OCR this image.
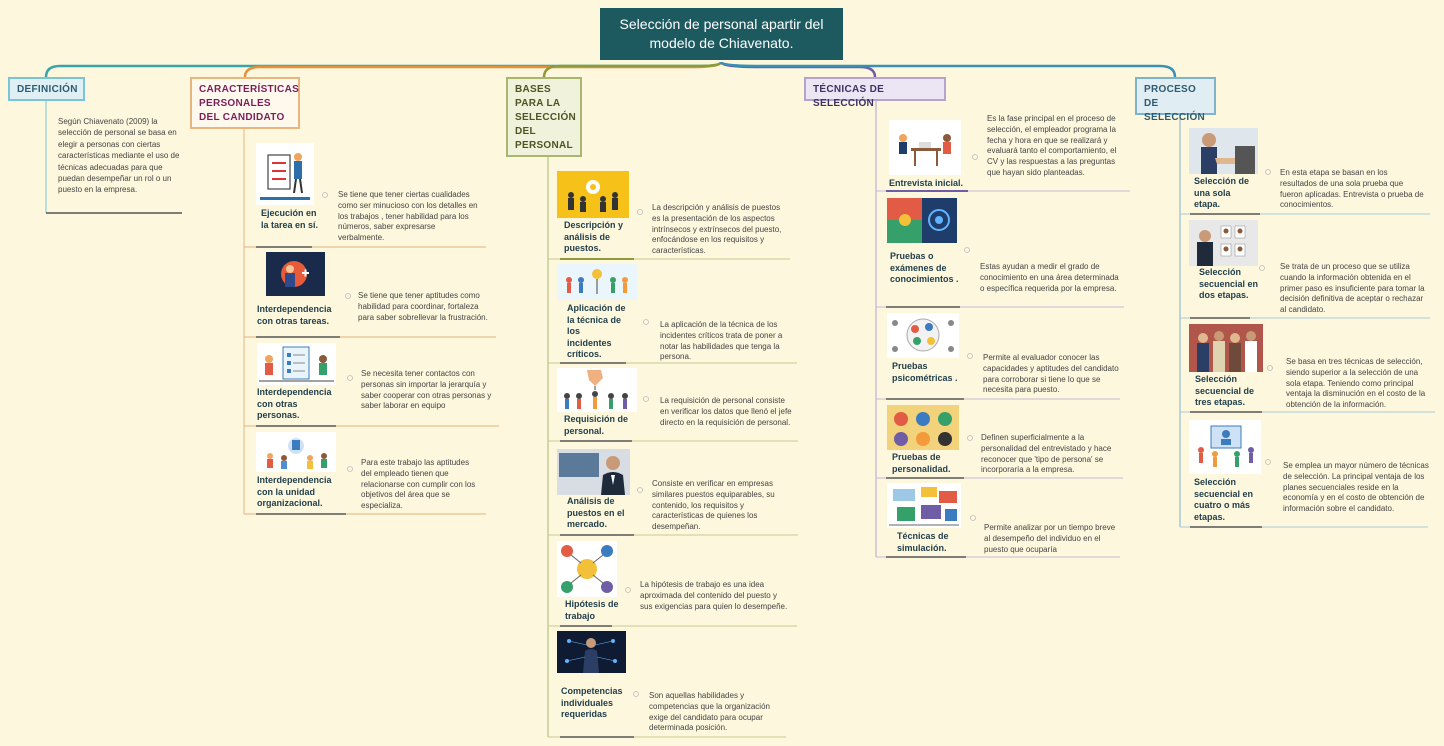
Selección de personal apartir del modelo de Chiavenato.
DEFINICIÓN	CARACTERÍSTICAS PERSONALES DEL CANDIDATO
BASES PARA LA SELECCIÓN DEL PERSONAL
TÉCNICAS DE SELECCIÓN
PROCESO DE SELECCIÓN
Según Chiavenato (2009) la selección de personal se basa en elegir a personas con ciertas características mediante el uso de técnicas adecuadas para que puedan desempeñar un rol o un puesto en la empresa.
Ejecución en la tarea en sí.
Se tiene que tener ciertas cualidades como ser minucioso con los detalles en los trabajos , tener habilidad para los números, saber expresarse verbalmente.
Interdependencia con otras tareas.
Se tiene que tener aptitudes como habilidad para coordinar, fortaleza para saber sobrellevar la frustración.
Interdependencia con otras personas.
Se necesita tener contactos con personas sin importar la jerarquía y saber cooperar con otras personas y saber laborar en equipo
Interdependencia con la unidad organizacional.
Para este trabajo las aptitudes del empleado tienen que relacionarse con cumplir con los objetivos del área que se especializa.
Descripción y análisis de puestos.
La descripción y análisis de puestos es la presentación de los aspectos intrínsecos y extrínsecos del puesto, enfocándose en los requisitos y características.
Aplicación de la técnica de los incidentes críticos.
La aplicación de la técnica de los incidentes críticos trata de poner a notar las habilidades que tenga la persona.
Requisición de personal.
La requisición de personal consiste en verificar los datos que llenó el jefe directo en la requisición de personal.
Análisis de puestos en el mercado.
Consiste en verificar en empresas similares puestos equiparables, su contenido, los requisitos y características de quienes los desempeñan.
Hipótesis de trabajo
La hipótesis de trabajo es una idea aproximada del contenido del puesto y sus exigencias para quien lo desempeñe.
Competencias individuales requeridas
Son aquellas habilidades y competencias que la organización exige del candidato para ocupar determinada posición.
Entrevista inicial.
Es la fase principal en el proceso de selección, el empleador programa la fecha y hora en que se realizará y evaluará tanto el comportamiento, el CV y las respuestas a las preguntas que hayan sido planteadas.
Pruebas o exámenes de conocimientos .
Estas ayudan a medir el grado de conocimiento en una área determinada o específica requerida por la empresa.
Pruebas psicométricas .
Permite al evaluador conocer las capacidades y aptitudes del candidato para corroborar si tiene lo que se necesita para puesto.
Pruebas de personalidad.
Definen superficialmente a la personalidad del entrevistado y hace reconocer que 'tipo de persona' se incorporaría a la empresa.
Técnicas de simulación.
Permite analizar por un tiempo breve al desempeño del individuo en el puesto que ocuparía
Selección de una sola etapa.
En esta etapa se basan en los resultados de una sola prueba que fueron aplicadas. Entrevista o prueba de conocimientos.
Selección secuencial en dos etapas.
Se trata de un proceso que se utiliza cuando la información obtenida en el primer paso es insuficiente para tomar la decisión definitiva de aceptar o rechazar al candidato.
Selección secuencial de tres etapas.
Se basa en tres técnicas de selección, siendo superior a la selección de una sola etapa. Teniendo como principal ventaja la disminución en el costo de la obtención de la información.
Selección secuencial en cuatro o más etapas.
Se emplea un mayor número de técnicas de selección. La principal ventaja de los planes secuenciales reside en la economía y en el costo de obtención de información sobre el candidato.
